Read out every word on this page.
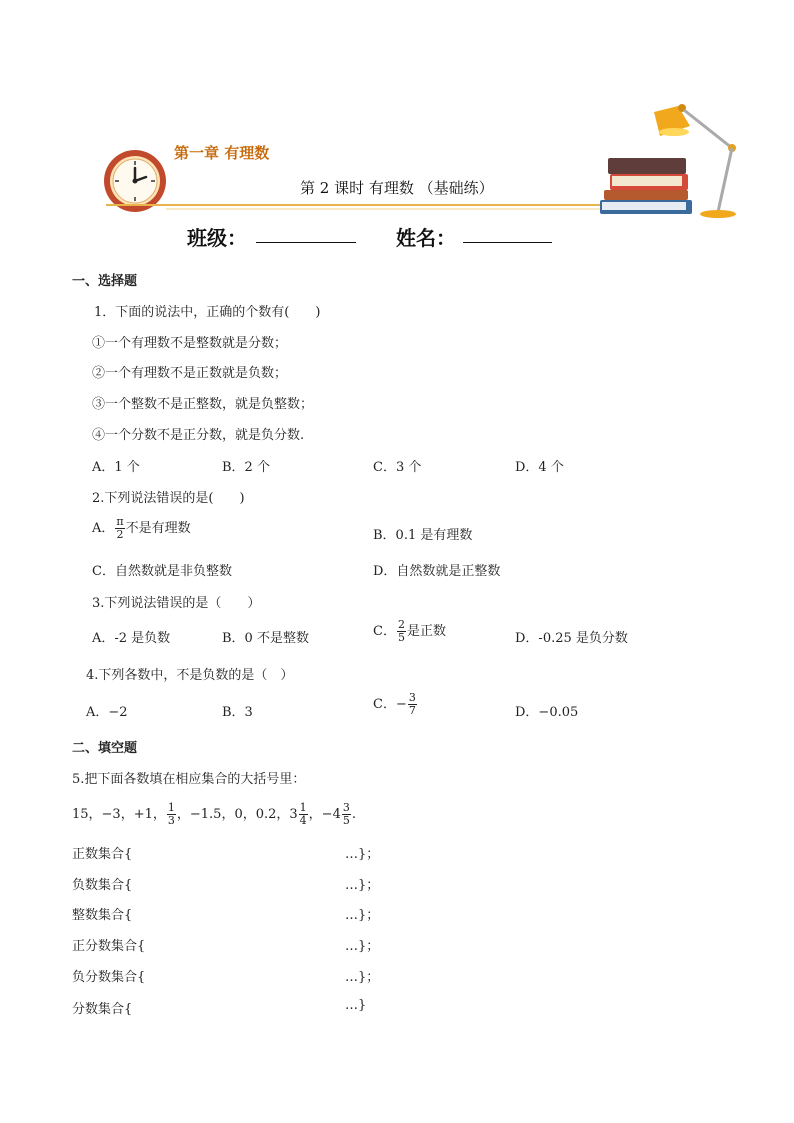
第一章 有理数
第 2 课时 有理数 （基础练）
班级：	姓名：
一、选择题
1．下面的说法中，正确的个数有(　　)
①一个有理数不是整数就是分数；
②一个有理数不是正数就是负数；
③一个整数不是正整数，就是负整数；
④一个分数不是正分数，就是负分数.
A．1 个	B．2 个	C．3 个	D．4 个
2.下列说法错误的是(　　)
A． $\frac{\pi}{2}$ 不是有理数	B．0.1 是有理数
C．自然数就是非负整数	D．自然数就是正整数
3.下列说法错误的是（　　）
A．-2 是负数	B．0 不是整数	C． $\frac{2}{5}$ 是正数	D．-0.25 是负分数
4.下列各数中，不是负数的是（　）
A．−2	B．3
C．− $\frac{3}{7}$	D．−0.05
二、填空题
5.把下面各数填在相应集合的大括号里：
15，−3，+1， $\frac{1}{3}$ ，−1.5，0，0.2，$3 \frac{1}{4}$ ，$-4 \frac{3}{5}$ .
正数集合{	…}；
负数集合{	…}；
整数集合{	…}；
正分数集合{	…}；
负分数集合{	…}；
分数集合{	…}
